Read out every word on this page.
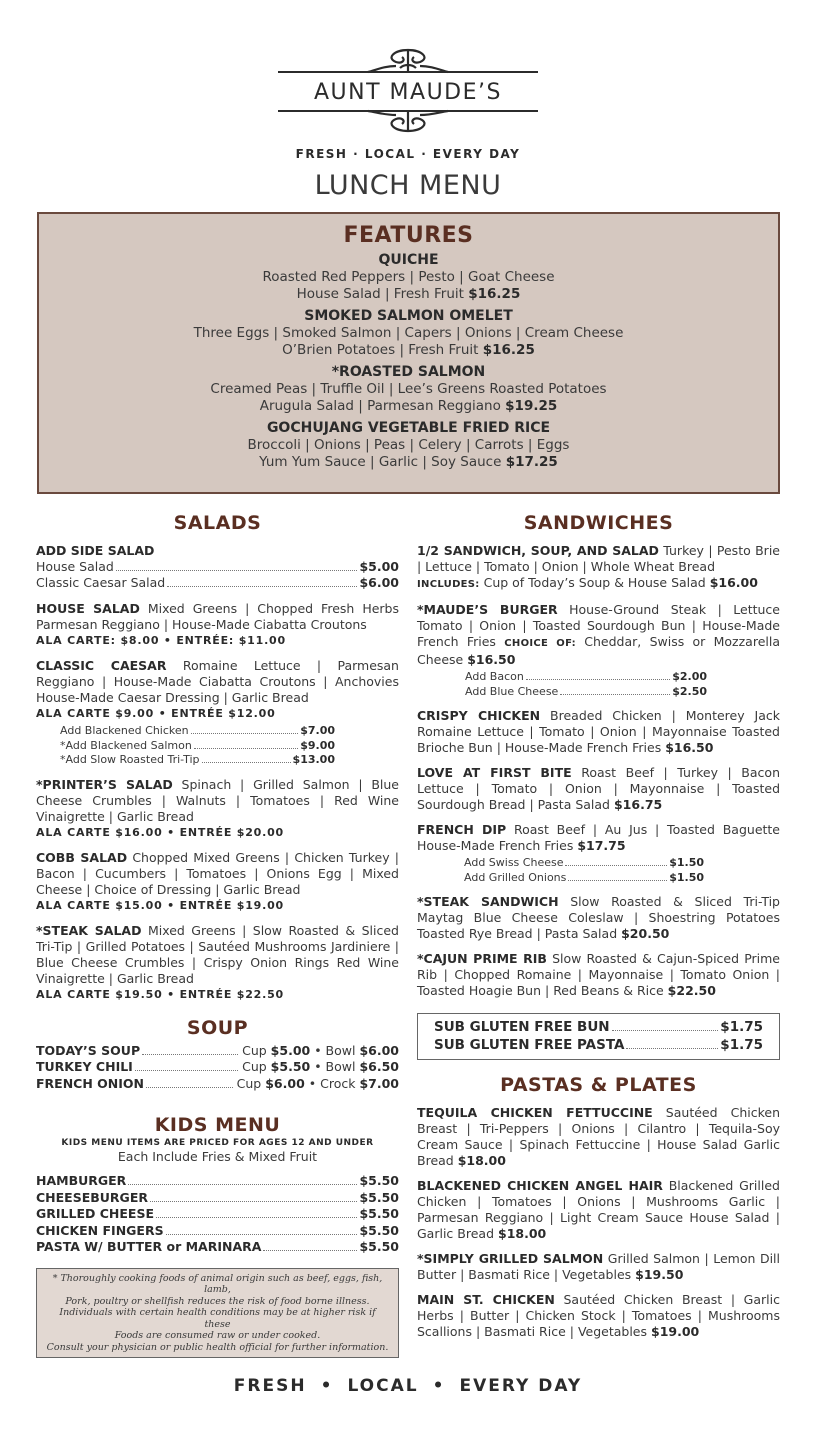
AUNT MAUDE’S
FRESH · LOCAL · EVERY DAY
LUNCH MENU
FEATURES
QUICHE
Roasted Red Peppers | Pesto | Goat Cheese
House Salad | Fresh Fruit $16.25
SMOKED SALMON OMELET
Three Eggs | Smoked Salmon | Capers | Onions | Cream Cheese
O’Brien Potatoes | Fresh Fruit $16.25
*ROASTED SALMON
Creamed Peas | Truffle Oil | Lee’s Greens Roasted Potatoes
Arugula Salad | Parmesan Reggiano $19.25
GOCHUJANG VEGETABLE FRIED RICE
Broccoli | Onions | Peas | Celery | Carrots | Eggs
Yum Yum Sauce | Garlic | Soy Sauce $17.25
SALADS
ADD SIDE SALAD
House Salad	$5.00
Classic Caesar Salad	$6.00
HOUSE SALAD Mixed Greens | Chopped Fresh Herbs Parmesan Reggiano | House-Made Ciabatta Croutons
ALA CARTE: $8.00 • ENTRÉE: $11.00
CLASSIC CAESAR Romaine Lettuce | Parmesan Reggiano | House-Made Ciabatta Croutons | Anchovies House-Made Caesar Dressing | Garlic Bread
ALA CARTE $9.00 • ENTRÉE $12.00
Add Blackened Chicken	$7.00
*Add Blackened Salmon	$9.00
*Add Slow Roasted Tri-Tip	$13.00
*PRINTER’S SALAD Spinach | Grilled Salmon | Blue Cheese Crumbles | Walnuts | Tomatoes | Red Wine Vinaigrette | Garlic Bread
ALA CARTE $16.00 • ENTRÉE $20.00
COBB SALAD Chopped Mixed Greens | Chicken Turkey | Bacon | Cucumbers | Tomatoes | Onions Egg | Mixed Cheese | Choice of Dressing | Garlic Bread
ALA CARTE $15.00 • ENTRÉE $19.00
*STEAK SALAD Mixed Greens | Slow Roasted & Sliced Tri-Tip | Grilled Potatoes | Sautéed Mushrooms Jardiniere | Blue Cheese Crumbles | Crispy Onion Rings Red Wine Vinaigrette | Garlic Bread
ALA CARTE $19.50 • ENTRÉE $22.50
SOUP
TODAY’S SOUP	Cup $5.00 • Bowl $6.00
TURKEY CHILI	Cup $5.50 • Bowl $6.50
FRENCH ONION	Cup $6.00 • Crock $7.00
KIDS MENU
KIDS MENU ITEMS ARE PRICED FOR AGES 12 AND UNDER
Each Include Fries & Mixed Fruit
HAMBURGER	$5.50
CHEESEBURGER	$5.50
GRILLED CHEESE	$5.50
CHICKEN FINGERS	$5.50
PASTA W/ BUTTER or MARINARA	$5.50
* Thoroughly cooking foods of animal origin such as beef, eggs, fish, lamb,
Pork, poultry or shellfish reduces the risk of food borne illness.
Individuals with certain health conditions may be at higher risk if these
Foods are consumed raw or under cooked.
Consult your physician or public health official for further information.
SANDWICHES
1/2 SANDWICH, SOUP, AND SALAD Turkey | Pesto Brie | Lettuce | Tomato | Onion | Whole Wheat Bread
INCLUDES: Cup of Today’s Soup & House Salad $16.00
*MAUDE’S BURGER House-Ground Steak | Lettuce Tomato | Onion | Toasted Sourdough Bun | House-Made French Fries CHOICE OF: Cheddar, Swiss or Mozzarella Cheese $16.50
Add Bacon	$2.00
Add Blue Cheese	$2.50
CRISPY CHICKEN Breaded Chicken | Monterey Jack Romaine Lettuce | Tomato | Onion | Mayonnaise Toasted Brioche Bun | House-Made French Fries $16.50
LOVE AT FIRST BITE Roast Beef | Turkey | Bacon Lettuce | Tomato | Onion | Mayonnaise | Toasted Sourdough Bread | Pasta Salad $16.75
FRENCH DIP Roast Beef | Au Jus | Toasted Baguette House-Made French Fries $17.75
Add Swiss Cheese	$1.50
Add Grilled Onions	$1.50
*STEAK SANDWICH Slow Roasted & Sliced Tri-Tip Maytag Blue Cheese Coleslaw | Shoestring Potatoes Toasted Rye Bread | Pasta Salad $20.50
*CAJUN PRIME RIB Slow Roasted & Cajun-Spiced Prime Rib | Chopped Romaine | Mayonnaise | Tomato Onion | Toasted Hoagie Bun | Red Beans & Rice $22.50
SUB GLUTEN FREE BUN	$1.75
SUB GLUTEN FREE PASTA	$1.75
PASTAS & PLATES
TEQUILA CHICKEN FETTUCCINE Sautéed Chicken Breast | Tri-Peppers | Onions | Cilantro | Tequila-Soy Cream Sauce | Spinach Fettuccine | House Salad Garlic Bread $18.00
BLACKENED CHICKEN ANGEL HAIR Blackened Grilled Chicken | Tomatoes | Onions | Mushrooms Garlic | Parmesan Reggiano | Light Cream Sauce House Salad | Garlic Bread $18.00
*SIMPLY GRILLED SALMON Grilled Salmon | Lemon Dill Butter | Basmati Rice | Vegetables $19.50
MAIN ST. CHICKEN Sautéed Chicken Breast | Garlic Herbs | Butter | Chicken Stock | Tomatoes | Mushrooms Scallions | Basmati Rice | Vegetables $19.00
FRESH • LOCAL • EVERY DAY
